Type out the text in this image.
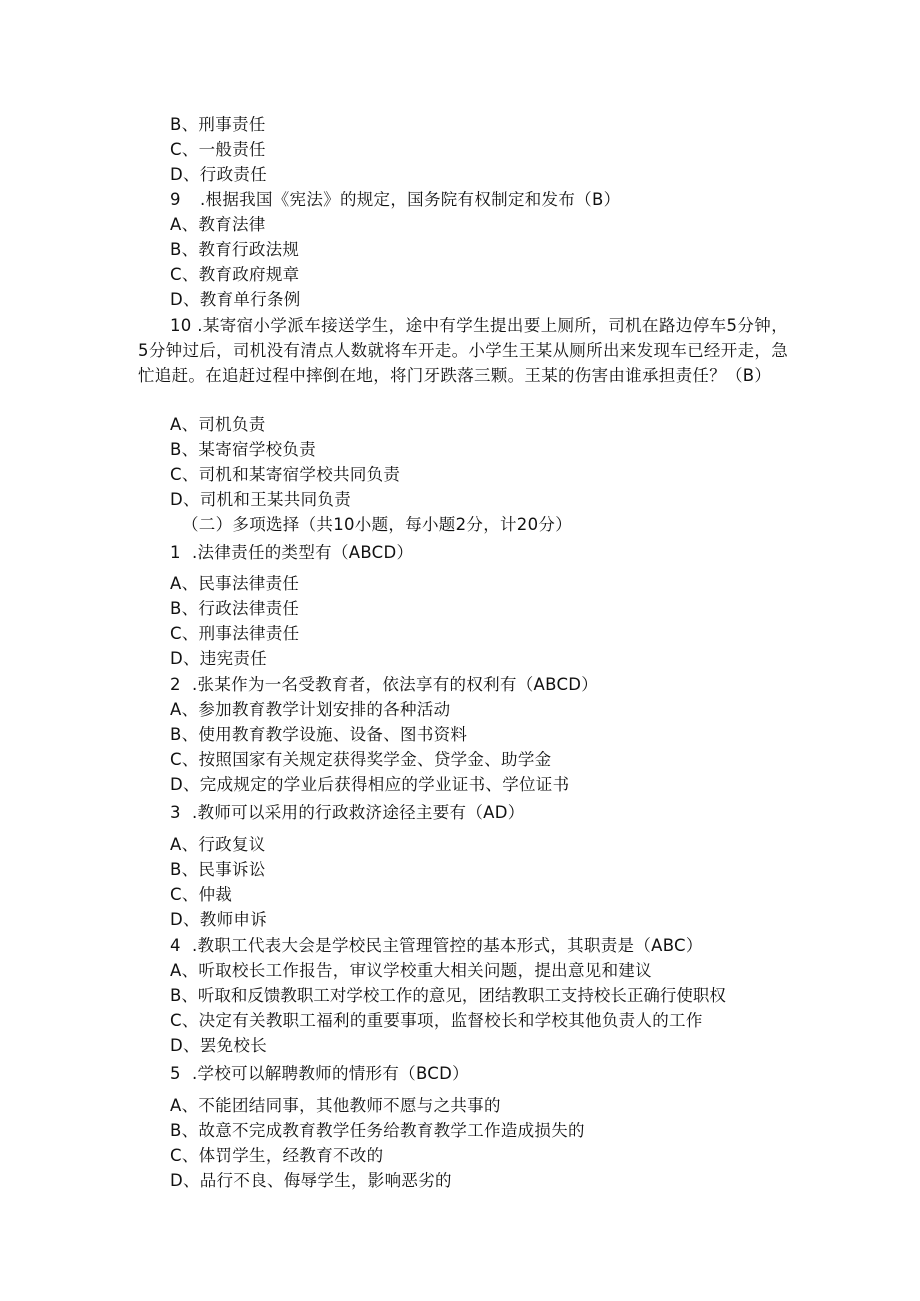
B、刑事责任
C、一般责任
D、行政责任
9 .根据我国《宪法》的规定，国务院有权制定和发布（B）
A、教育法律
B、教育行政法规
C、教育政府规章
D、教育单行条例
10 .某寄宿小学派车接送学生，途中有学生提出要上厕所，司机在路边停车5分钟，5分钟过后，司机没有清点人数就将车开走。小学生王某从厕所出来发现车已经开走，急忙追赶。在追赶过程中摔倒在地，将门牙跌落三颗。王某的伤害由谁承担责任？（B）
A、司机负责
B、某寄宿学校负责
C、司机和某寄宿学校共同负责
D、司机和王某共同负责
（二）多项选择（共10小题，每小题2分，计20分）
1 .法律责任的类型有（ABCD）
A、民事法律责任
B、行政法律责任
C、刑事法律责任
D、违宪责任
2 .张某作为一名受教育者，依法享有的权利有（ABCD）
A、参加教育教学计划安排的各种活动
B、使用教育教学设施、设备、图书资料
C、按照国家有关规定获得奖学金、贷学金、助学金
D、完成规定的学业后获得相应的学业证书、学位证书
3 .教师可以采用的行政救济途径主要有（AD）
A、行政复议
B、民事诉讼
C、仲裁
D、教师申诉
4 .教职工代表大会是学校民主管理管控的基本形式，其职责是（ABC）
A、听取校长工作报告，审议学校重大相关问题，提出意见和建议
B、听取和反馈教职工对学校工作的意见，团结教职工支持校长正确行使职权
C、决定有关教职工福利的重要事项，监督校长和学校其他负责人的工作
D、罢免校长
5 .学校可以解聘教师的情形有（BCD）
A、不能团结同事，其他教师不愿与之共事的
B、故意不完成教育教学任务给教育教学工作造成损失的
C、体罚学生，经教育不改的
D、品行不良、侮辱学生，影响恶劣的
